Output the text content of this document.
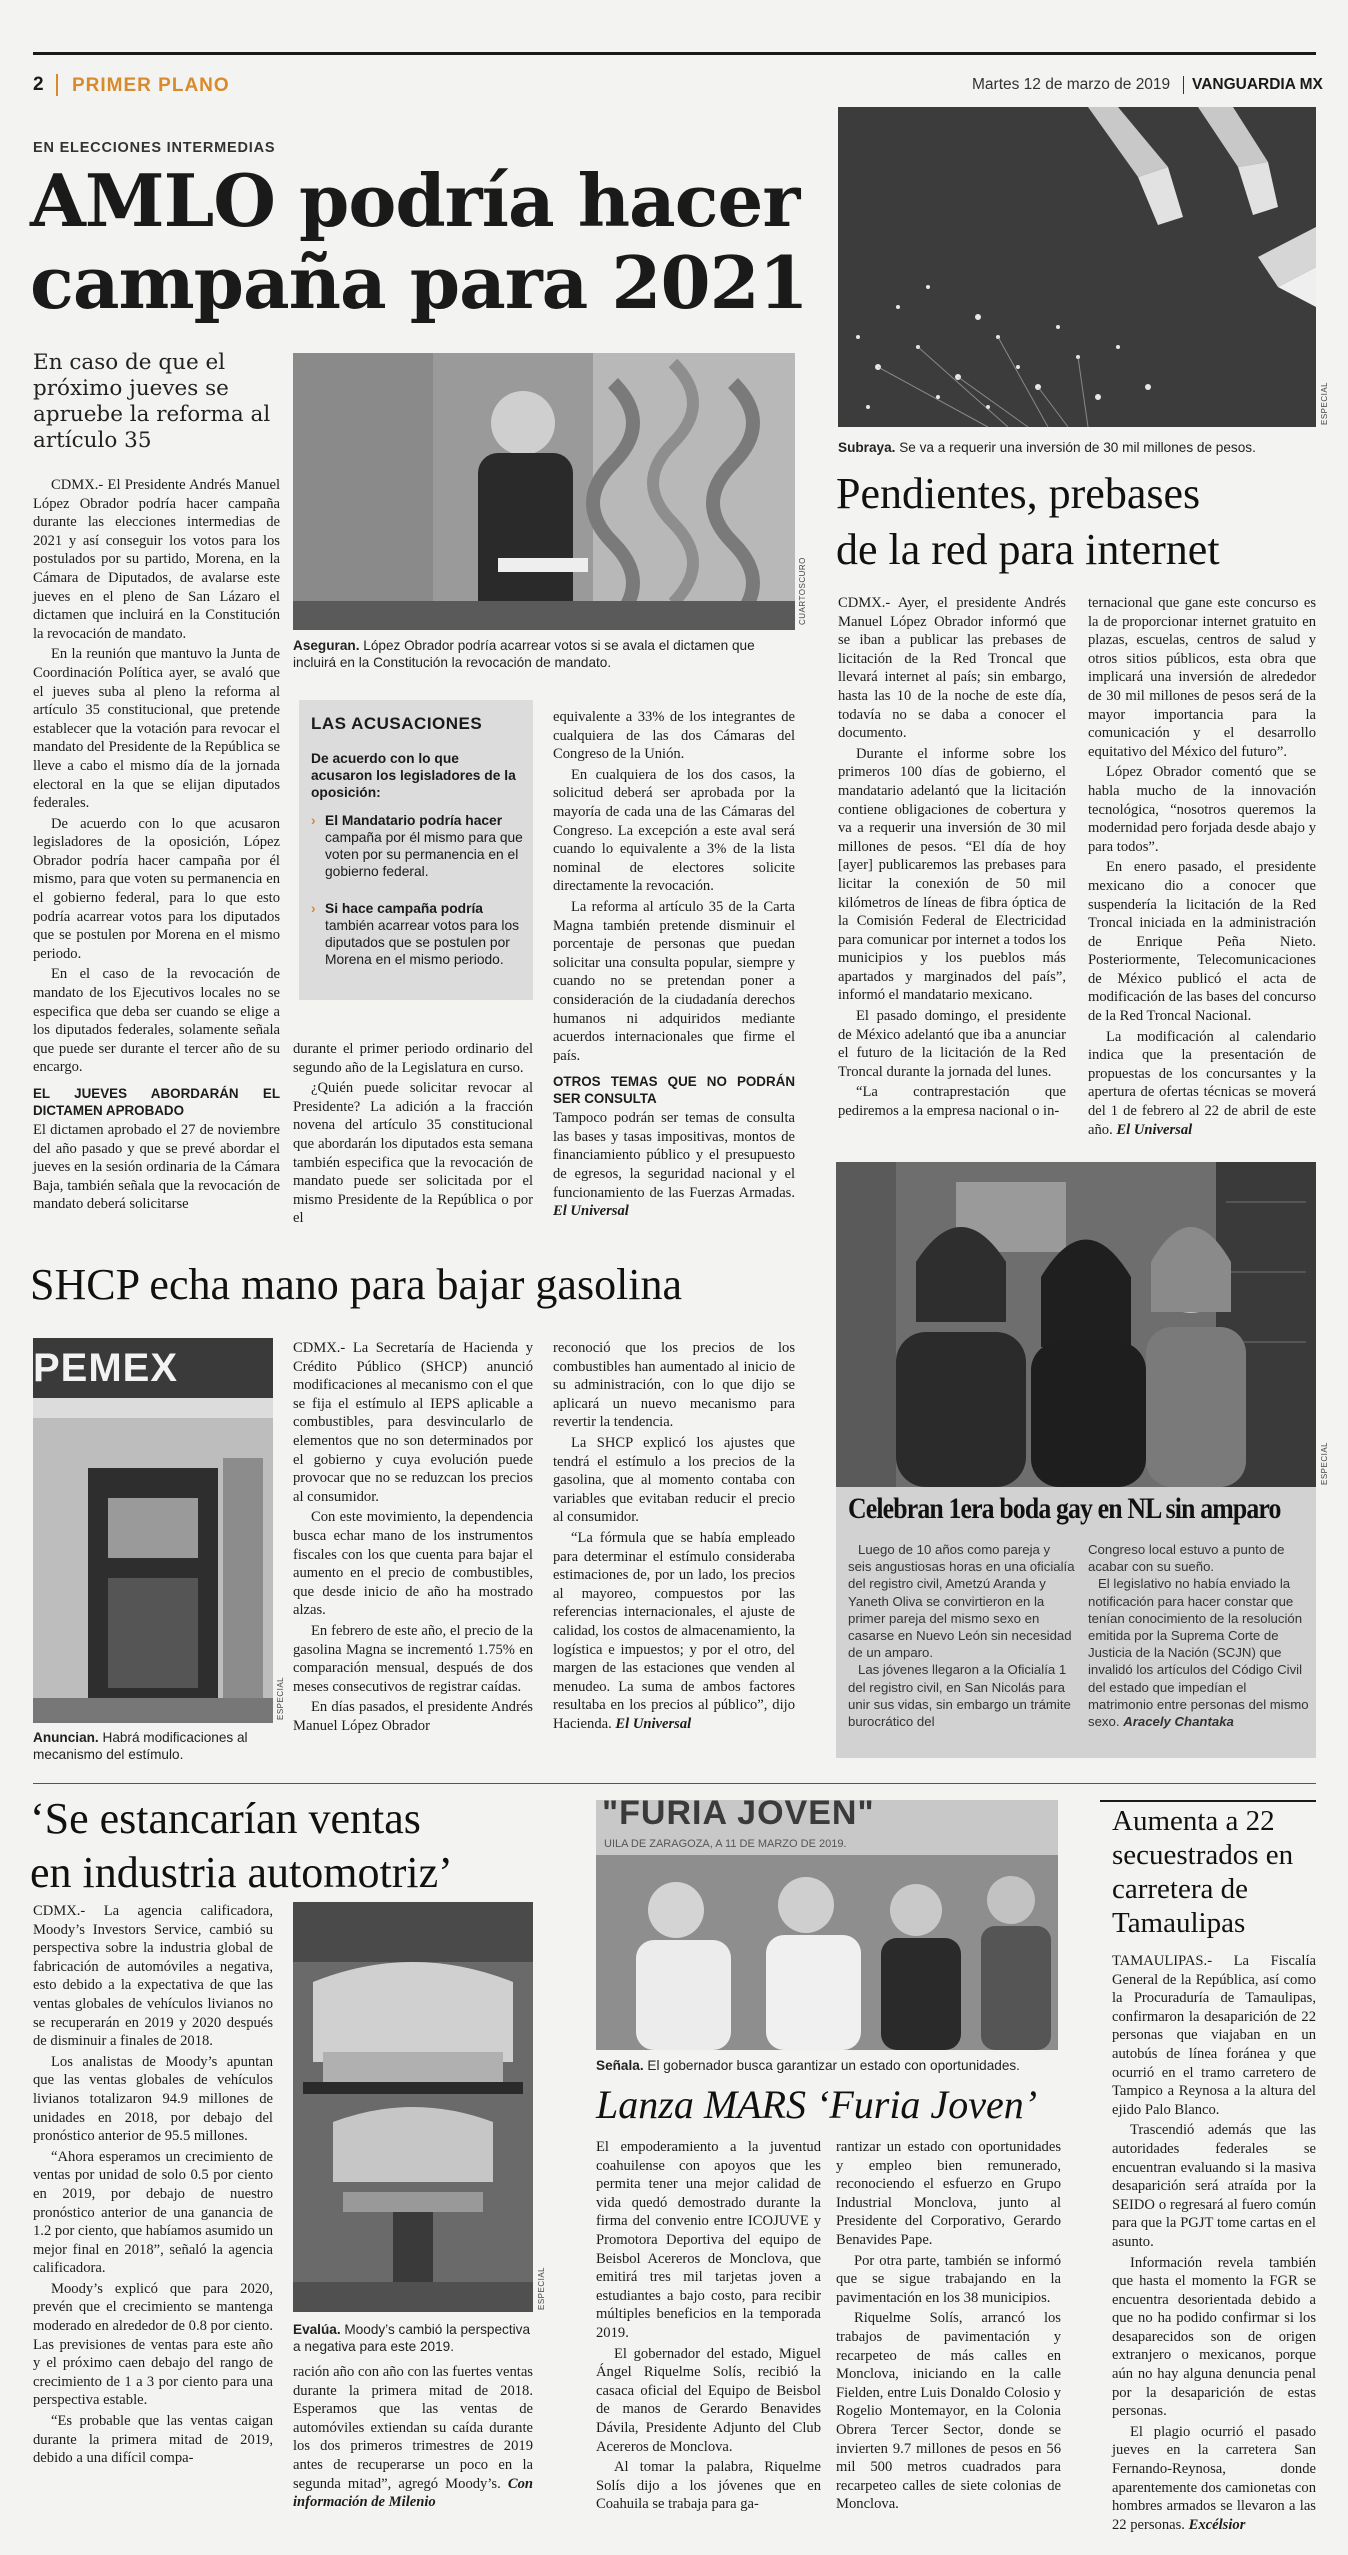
2 PRIMER PLANO	Martes 12 de marzo de 2019 VANGUARDIA MX
EN ELECCIONES INTERMEDIAS
AMLO podría hacer
campaña para 2021
En caso de que el próximo jueves se apruebe la reforma al artículo 35

CDMX.- El Presidente Andrés Manuel López Obrador podría hacer campaña durante las elecciones intermedias de 2021 y así conseguir los votos para los postulados por su partido, Morena, en la Cámara de Diputados, de avalarse este jueves en el pleno de San Lázaro el dictamen que incluirá en la Constitución la revocación de mandato.

En la reunión que mantuvo la Junta de Coordinación Política ayer, se avaló que el jueves suba al pleno la reforma al artículo 35 constitucional, que pretende establecer que la votación para revocar el mandato del Presidente de la República se lleve a cabo el mismo día de la jornada electoral en la que se elijan diputados federales.

De acuerdo con lo que acusaron legisladores de la oposición, López Obrador podría hacer campaña por él mismo, para que voten su permanencia en el gobierno federal, para lo que esto podría acarrear votos para los diputados que se postulen por Morena en el mismo periodo.

En el caso de la revocación de mandato de los Ejecutivos locales no se especifica que deba ser cuando se elige a los diputados federales, solamente señala que puede ser durante el tercer año de su encargo.

EL JUEVES ABORDARÁN EL DICTAMEN APROBADO

El dictamen aprobado el 27 de noviembre del año pasado y que se prevé abordar el jueves en la sesión ordinaria de la Cámara Baja, también señala que la revocación de mandato deberá solicitarse

CUARTOSCURO
Aseguran. López Obrador podría acarrear votos si se avala el dictamen que incluirá en la Constitución la revocación de mandato.
LAS ACUSACIONES
De acuerdo con lo que acusaron los legisladores de la oposición:
› El Mandatario podría hacer campaña por él mismo para que voten por su permanencia en el gobierno federal.
› Si hace campaña podría también acarrear votos para los diputados que se postulen por Morena en el mismo periodo.

durante el primer periodo ordinario del segundo año de la Legislatura en curso.

¿Quién puede solicitar revocar al Presidente? La adición a la fracción novena del artículo 35 constitucional que abordarán los diputados esta semana también especifica que la revocación de mandato puede ser solicitada por el mismo Presidente de la República o por el

equivalente a 33% de los integrantes de cualquiera de las dos Cámaras del Congreso de la Unión.

En cualquiera de los dos casos, la solicitud deberá ser aprobada por la mayoría de cada una de las Cámaras del Congreso. La excepción a este aval será cuando lo equivalente a 3% de la lista nominal de electores solicite directamente la revocación.

La reforma al artículo 35 de la Carta Magna también pretende disminuir el porcentaje de personas que puedan solicitar una consulta popular, siempre y cuando no se pretendan poner a consideración de la ciudadanía derechos humanos ni adquiridos mediante acuerdos internacionales que firme el país.

OTROS TEMAS QUE NO PODRÁN SER CONSULTA

Tampoco podrán ser temas de consulta las bases y tasas impositivas, montos de financiamiento público y el presupuesto de egresos, la seguridad nacional y el funcionamiento de las Fuerzas Armadas. El Universal

ESPECIAL
Subraya. Se va a requerir una inversión de 30 mil millones de pesos.
Pendientes, prebases
de la red para internet

CDMX.- Ayer, el presidente Andrés Manuel López Obrador informó que se iban a publicar las prebases de licitación de la Red Troncal que llevará internet al país; sin embargo, hasta las 10 de la noche de este día, todavía no se daba a conocer el documento.

Durante el informe sobre los primeros 100 días de gobierno, el mandatario adelantó que la licitación contiene obligaciones de cobertura y va a requerir una inversión de 30 mil millones de pesos. “El día de hoy [ayer] publicaremos las prebases para licitar la conexión de 50 mil kilómetros de líneas de fibra óptica de la Comisión Federal de Electricidad para comunicar por internet a todos los municipios y los pueblos más apartados y marginados del país”, informó el mandatario mexicano.

El pasado domingo, el presidente de México adelantó que iba a anunciar el futuro de la licitación de la Red Troncal durante la jornada del lunes.

“La contraprestación que pediremos a la empresa nacional o in-

ternacional que gane este concurso es la de proporcionar internet gratuito en plazas, escuelas, centros de salud y otros sitios públicos, esta obra que implicará una inversión de alrededor de 30 mil millones de pesos será de la mayor importancia para la comunicación y el desarrollo equitativo del México del futuro”.

López Obrador comentó que se habla mucho de la innovación tecnológica, “nosotros queremos la modernidad pero forjada desde abajo y para todos”.

En enero pasado, el presidente mexicano dio a conocer que suspendería la licitación de la Red Troncal iniciada en la administración de Enrique Peña Nieto. Posteriormente, Telecomunicaciones de México publicó el acta de modificación de las bases del concurso de la Red Troncal Nacional.

La modificación al calendario indica que la presentación de propuestas de los concursantes y la apertura de ofertas técnicas se moverá del 1 de febrero al 22 de abril de este año. El Universal

ESPECIAL
Celebran 1era boda gay en NL sin amparo

Luego de 10 años como pareja y seis angustiosas horas en una oficialía del registro civil, Ametzú Aranda y Yaneth Oliva se convirtieron en la primer pareja del mismo sexo en casarse en Nuevo León sin necesidad de un amparo.

Las jóvenes llegaron a la Oficialía 1 del registro civil, en San Nicolás para unir sus vidas, sin embargo un trámite burocrático del

Congreso local estuvo a punto de acabar con su sueño.

El legislativo no había enviado la notificación para hacer constar que tenían conocimiento de la resolución emitida por la Suprema Corte de Justicia de la Nación (SCJN) que invalidó los artículos del Código Civil del estado que impedían el matrimonio entre personas del mismo sexo. Aracely Chantaka

SHCP echa mano para bajar gasolina
PEMEX
ESPECIAL
Anuncian. Habrá modificaciones al mecanismo del estímulo.

CDMX.- La Secretaría de Hacienda y Crédito Público (SHCP) anunció modificaciones al mecanismo con el que se fija el estímulo al IEPS aplicable a combustibles, para desvincularlo de elementos que no son determinados por el gobierno y cuya evolución puede provocar que no se reduzcan los precios al consumidor.

Con este movimiento, la dependencia busca echar mano de los instrumentos fiscales con los que cuenta para bajar el aumento en el precio de combustibles, que desde inicio de año ha mostrado alzas.

En febrero de este año, el precio de la gasolina Magna se incrementó 1.75% en comparación mensual, después de dos meses consecutivos de registrar caídas.

En días pasados, el presidente Andrés Manuel López Obrador

reconoció que los precios de los combustibles han aumentado al inicio de su administración, con lo que dijo se aplicará un nuevo mecanismo para revertir la tendencia.

La SHCP explicó los ajustes que tendrá el estímulo a los precios de la gasolina, que al momento contaba con variables que evitaban reducir el precio al consumidor.

“La fórmula que se había empleado para determinar el estímulo consideraba estimaciones de, por un lado, los precios al mayoreo, compuestos por las referencias internacionales, el ajuste de calidad, los costos de almacenamiento, la logística e impuestos; y por el otro, del margen de las estaciones que venden al menudeo. La suma de ambos factores resultaba en los precios al público”, dijo Hacienda. El Universal

‘Se estancarían ventas
en industria automotriz’

CDMX.- La agencia calificadora, Moody’s Investors Service, cambió su perspectiva sobre la industria global de fabricación de automóviles a negativa, esto debido a la expectativa de que las ventas globales de vehículos livianos no se recuperarán en 2019 y 2020 después de disminuir a finales de 2018.

Los analistas de Moody’s apuntan que las ventas globales de vehículos livianos totalizaron 94.9 millones de unidades en 2018, por debajo del pronóstico anterior de 95.5 millones.

“Ahora esperamos un crecimiento de ventas por unidad de solo 0.5 por ciento en 2019, por debajo de nuestro pronóstico anterior de una ganancia de 1.2 por ciento, que habíamos asumido un mejor final en 2018”, señaló la agencia calificadora.

Moody’s explicó que para 2020, prevén que el crecimiento se mantenga moderado en alrededor de 0.8 por ciento. Las previsiones de ventas para este año y el próximo caen debajo del rango de crecimiento de 1 a 3 por ciento para una perspectiva estable.

“Es probable que las ventas caigan durante la primera mitad de 2019, debido a una difícil compa-

ESPECIAL
Evalúa. Moody’s cambió la perspectiva a negativa para este 2019.

ración año con año con las fuertes ventas durante la primera mitad de 2018. Esperamos que las ventas de automóviles extiendan su caída durante los dos primeros trimestres de 2019 antes de recuperarse un poco en la segunda mitad”, agregó Moody’s. Con información de Milenio

"FURIA JOVEN"
UILA DE ZARAGOZA, A 11 DE MARZO DE 2019.
Señala. El gobernador busca garantizar un estado con oportunidades.
Lanza MARS ‘Furia Joven’

El empoderamiento a la juventud coahuilense con apoyos que les permita tener una mejor calidad de vida quedó demostrado durante la firma del convenio entre ICOJUVE y Promotora Deportiva del equipo de Beisbol Acereros de Monclova, que emitirá tres mil tarjetas joven a estudiantes a bajo costo, para recibir múltiples beneficios en la temporada 2019.

El gobernador del estado, Miguel Ángel Riquelme Solís, recibió la casaca oficial del Equipo de Beisbol de manos de Gerardo Benavides Dávila, Presidente Adjunto del Club Acereros de Monclova.

Al tomar la palabra, Riquelme Solís dijo a los jóvenes que en Coahuila se trabaja para ga-

rantizar un estado con oportunidades y empleo bien remunerado, reconociendo el esfuerzo en Grupo Industrial Monclova, junto al Presidente del Corporativo, Gerardo Benavides Pape.

Por otra parte, también se informó que se sigue trabajando en la pavimentación en los 38 municipios.

Riquelme Solís, arrancó los trabajos de pavimentación y recarpeteo de más calles en Monclova, iniciando en la calle Fielden, entre Luis Donaldo Colosio y Rogelio Montemayor, en la Colonia Obrera Tercer Sector, donde se invierten 9.7 millones de pesos en 56 mil 500 metros cuadrados para recarpeteo calles de siete colonias de Monclova.

Aumenta a 22 secuestrados en carretera de Tamaulipas

TAMAULIPAS.- La Fiscalía General de la República, así como la Procuraduría de Tamaulipas, confirmaron la desaparición de 22 personas que viajaban en un autobús de línea foránea y que ocurrió en el tramo carretero de Tampico a Reynosa a la altura del ejido Palo Blanco.

Trascendió además que las autoridades federales se encuentran evaluando si la masiva desaparición será atraída por la SEIDO o regresará al fuero común para que la PGJT tome cartas en el asunto.

Información revela también que hasta el momento la FGR se encuentra desorientada debido a que no ha podido confirmar si los desaparecidos son de origen extranjero o mexicanos, porque aún no hay alguna denuncia penal por la desaparición de estas personas.

El plagio ocurrió el pasado jueves en la carretera San Fernando-Reynosa, donde aparentemente dos camionetas con hombres armados se llevaron a las 22 personas. Excélsior
